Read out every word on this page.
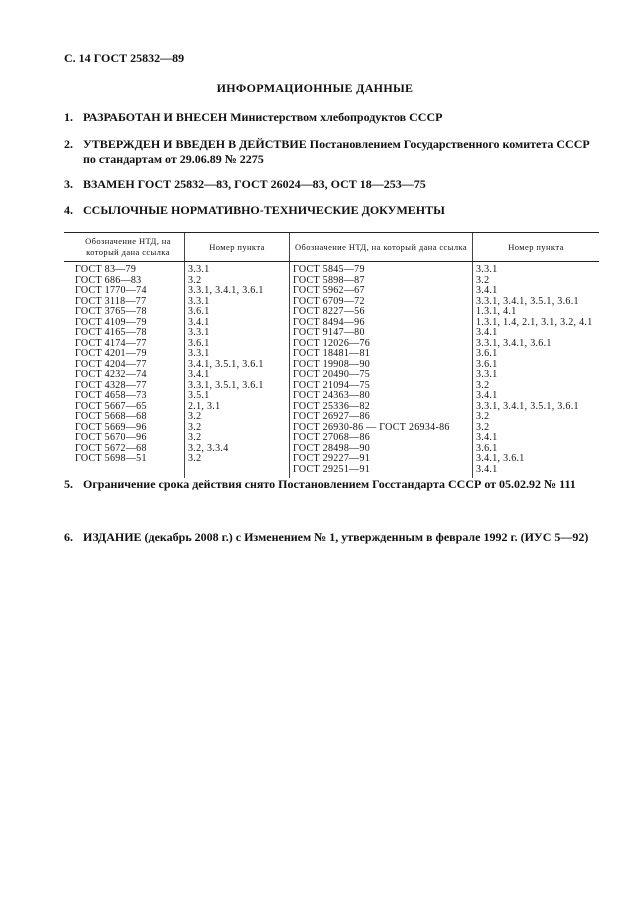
С. 14 ГОСТ 25832—89
ИНФОРМАЦИОННЫЕ ДАННЫЕ
1. РАЗРАБОТАН И ВНЕСЕН Министерством хлебопродуктов СССР
2. УТВЕРЖДЕН И ВВЕДЕН В ДЕЙСТВИЕ Постановлением Государственного комитета СССР по стандартам от 29.06.89 № 2275
3. ВЗАМЕН ГОСТ 25832—83, ГОСТ 26024—83, ОСТ 18—253—75
4. ССЫЛОЧНЫЕ НОРМАТИВНО-ТЕХНИЧЕСКИЕ ДОКУМЕНТЫ
Обозначение НТД, на который дана ссылка	Номер пункта	Обозначение НТД, на который дана ссылка	Номер пункта
ГОСТ 83—79	3.3.1	ГОСТ 5845—79	3.3.1
ГОСТ 686—83	3.2	ГОСТ 5898—87	3.2
ГОСТ 1770—74	3.3.1, 3.4.1, 3.6.1	ГОСТ 5962—67	3.4.1
ГОСТ 3118—77	3.3.1	ГОСТ 6709—72	3.3.1, 3.4.1, 3.5.1, 3.6.1
ГОСТ 3765—78	3.6.1	ГОСТ 8227—56	1.3.1, 4.1
ГОСТ 4109—79	3.4.1	ГОСТ 8494—96	1.3.1, 1.4, 2.1, 3.1, 3.2, 4.1
ГОСТ 4165—78	3.3.1	ГОСТ 9147—80	3.4.1
ГОСТ 4174—77	3.6.1	ГОСТ 12026—76	3.3.1, 3.4.1, 3.6.1
ГОСТ 4201—79	3.3.1	ГОСТ 18481—81	3.6.1
ГОСТ 4204—77	3.4.1, 3.5.1, 3.6.1	ГОСТ 19908—90	3.6.1
ГОСТ 4232—74	3.4.1	ГОСТ 20490—75	3.3.1
ГОСТ 4328—77	3.3.1, 3.5.1, 3.6.1	ГОСТ 21094—75	3.2
ГОСТ 4658—73	3.5.1	ГОСТ 24363—80	3.4.1
ГОСТ 5667—65	2.1, 3.1	ГОСТ 25336—82	3.3.1, 3.4.1, 3.5.1, 3.6.1
ГОСТ 5668—68	3.2	ГОСТ 26927—86	3.2
ГОСТ 5669—96	3.2	ГОСТ 26930-86 — ГОСТ 26934-86	3.2
ГОСТ 5670—96	3.2	ГОСТ 27068—86	3.4.1
ГОСТ 5672—68	3.2, 3.3.4	ГОСТ 28498—90	3.6.1
ГОСТ 5698—51	3.2	ГОСТ 29227—91	3.4.1, 3.6.1
		ГОСТ 29251—91	3.4.1
5. Ограничение срока действия снято Постановлением Госстандарта СССР от 05.02.92 № 111
6. ИЗДАНИЕ (декабрь 2008 г.) с Изменением № 1, утвержденным в феврале 1992 г. (ИУС 5—92)
